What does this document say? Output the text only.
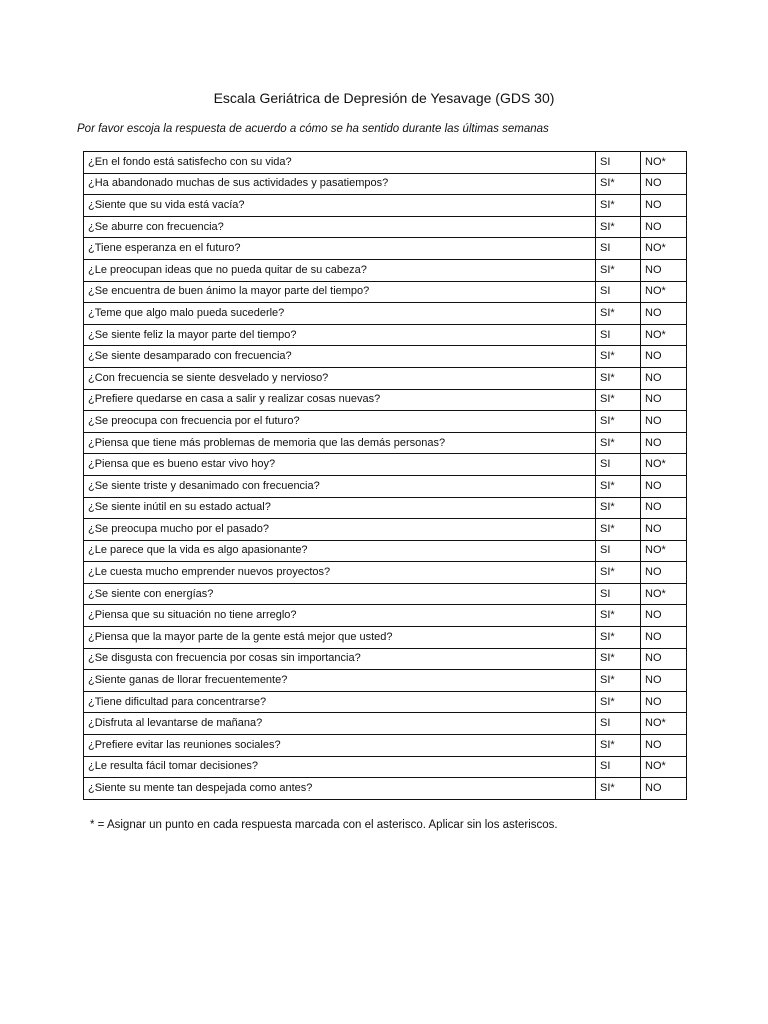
Escala Geriátrica de Depresión de Yesavage (GDS 30)
Por favor escoja la respuesta de acuerdo a cómo se ha sentido durante las últimas semanas
¿En el fondo está satisfecho con su vida?	SI	NO*
¿Ha abandonado muchas de sus actividades y pasatiempos?	SI*	NO
¿Siente que su vida está vacía?	SI*	NO
¿Se aburre con frecuencia?	SI*	NO
¿Tiene esperanza en el futuro?	SI	NO*
¿Le preocupan ideas que no pueda quitar de su cabeza?	SI*	NO
¿Se encuentra de buen ánimo la mayor parte del tiempo?	SI	NO*
¿Teme que algo malo pueda sucederle?	SI*	NO
¿Se siente feliz la mayor parte del tiempo?	SI	NO*
¿Se siente desamparado con frecuencia?	SI*	NO
¿Con frecuencia se siente desvelado y nervioso?	SI*	NO
¿Prefiere quedarse en casa a salir y realizar cosas nuevas?	SI*	NO
¿Se preocupa con frecuencia por el futuro?	SI*	NO
¿Piensa que tiene más problemas de memoria que las demás personas?	SI*	NO
¿Piensa que es bueno estar vivo hoy?	SI	NO*
¿Se siente triste y desanimado con frecuencia?	SI*	NO
¿Se siente inútil en su estado actual?	SI*	NO
¿Se preocupa mucho por el pasado?	SI*	NO
¿Le parece que la vida es algo apasionante?	SI	NO*
¿Le cuesta mucho emprender nuevos proyectos?	SI*	NO
¿Se siente con energías?	SI	NO*
¿Piensa que su situación no tiene arreglo?	SI*	NO
¿Piensa que la mayor parte de la gente está mejor que usted?	SI*	NO
¿Se disgusta con frecuencia por cosas sin importancia?	SI*	NO
¿Siente ganas de llorar frecuentemente?	SI*	NO
¿Tiene dificultad para concentrarse?	SI*	NO
¿Disfruta al levantarse de mañana?	SI	NO*
¿Prefiere evitar las reuniones sociales?	SI*	NO
¿Le resulta fácil tomar decisiones?	SI	NO*
¿Siente su mente tan despejada como antes?	SI*	NO
* = Asignar un punto en cada respuesta marcada con el asterisco. Aplicar sin los asteriscos.
